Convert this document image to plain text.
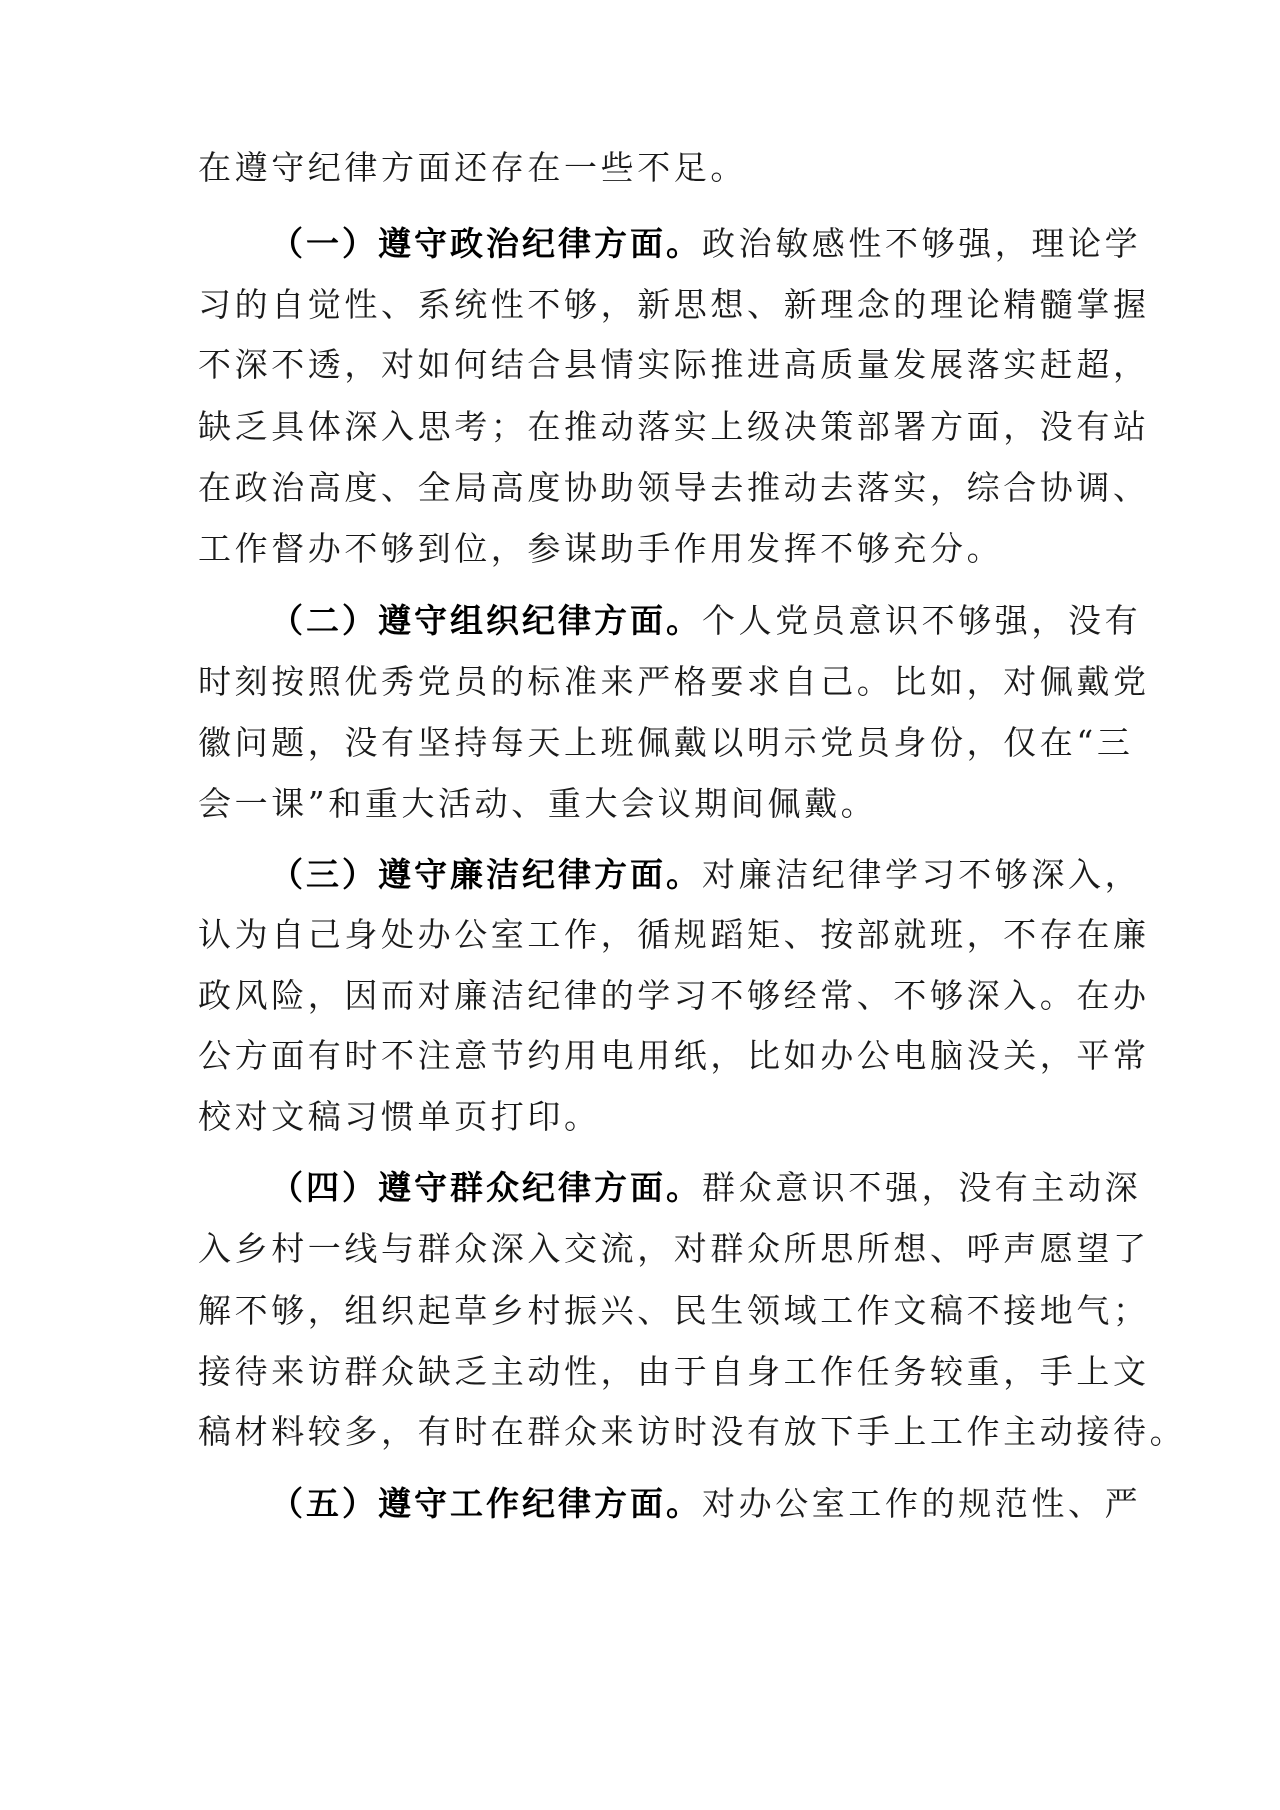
在遵守纪律方面还存在一些不足。
（一）遵守政治纪律方面。政治敏感性不够强，理论学
习的自觉性、系统性不够，新思想、新理念的理论精髓掌握
不深不透，对如何结合县情实际推进高质量发展落实赶超，
缺乏具体深入思考；在推动落实上级决策部署方面，没有站
在政治高度、全局高度协助领导去推动去落实，综合协调、
工作督办不够到位，参谋助手作用发挥不够充分。
（二）遵守组织纪律方面。个人党员意识不够强，没有
时刻按照优秀党员的标准来严格要求自己。比如，对佩戴党
徽问题，没有坚持每天上班佩戴以明示党员身份，仅在“三
会一课”和重大活动、重大会议期间佩戴。
（三）遵守廉洁纪律方面。对廉洁纪律学习不够深入，
认为自己身处办公室工作，循规蹈矩、按部就班，不存在廉
政风险，因而对廉洁纪律的学习不够经常、不够深入。在办
公方面有时不注意节约用电用纸，比如办公电脑没关，平常
校对文稿习惯单页打印。
（四）遵守群众纪律方面。群众意识不强，没有主动深
入乡村一线与群众深入交流，对群众所思所想、呼声愿望了
解不够，组织起草乡村振兴、民生领域工作文稿不接地气；
接待来访群众缺乏主动性，由于自身工作任务较重，手上文
稿材料较多，有时在群众来访时没有放下手上工作主动接待。
（五）遵守工作纪律方面。对办公室工作的规范性、严
